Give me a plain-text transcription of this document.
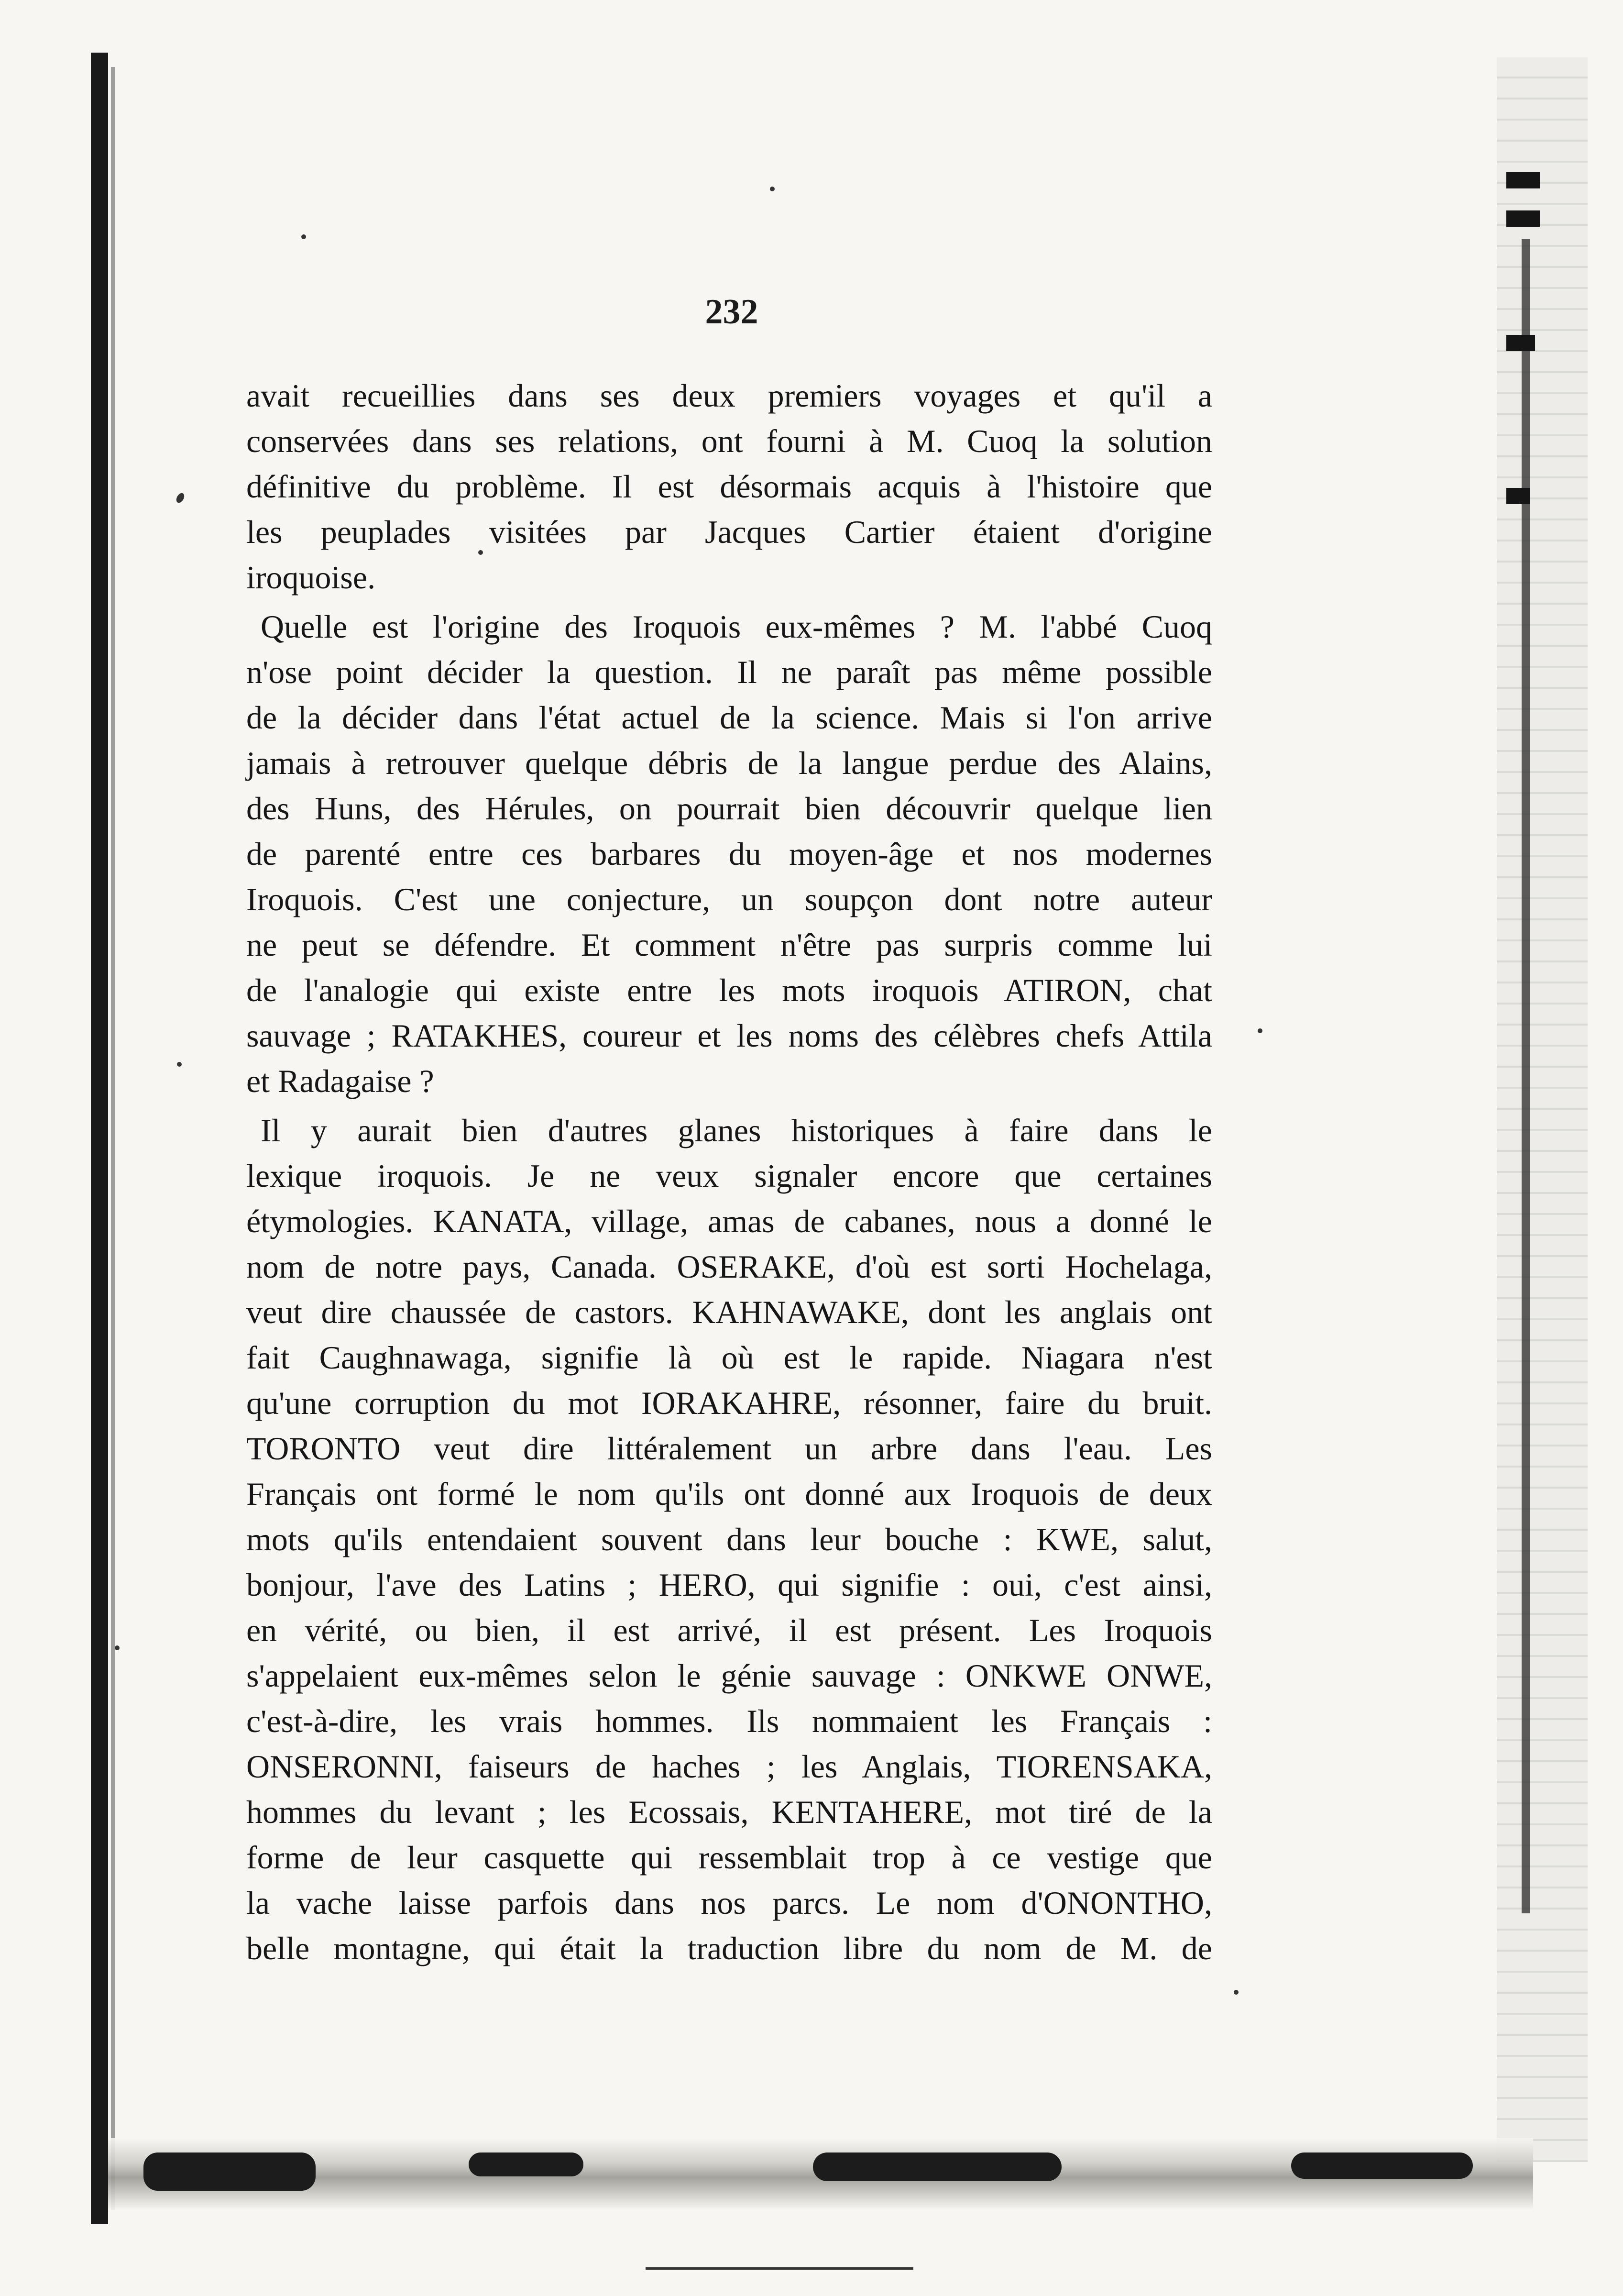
232

avait recueillies dans ses deux premiers voyages et qu'il a
conservées dans ses relations, ont fourni à M. Cuoq la solution
définitive du problème. Il est désormais acquis à l'histoire que
les peuplades visitées par Jacques Cartier étaient d'origine
iroquoise.
Quelle est l'origine des Iroquois eux-mêmes ? M. l'abbé Cuoq
n'ose point décider la question. Il ne paraît pas même possible
de la décider dans l'état actuel de la science. Mais si l'on arrive
jamais à retrouver quelque débris de la langue perdue des Alains,
des Huns, des Hérules, on pourrait bien découvrir quelque lien
de parenté entre ces barbares du moyen-âge et nos modernes
Iroquois. C'est une conjecture, un soupçon dont notre auteur
ne peut se défendre. Et comment n'être pas surpris comme lui
de l'analogie qui existe entre les mots iroquois ATIRON, chat
sauvage ; RATAKHES, coureur et les noms des célèbres chefs Attila
et Radagaise ?
Il y aurait bien d'autres glanes historiques à faire dans le
lexique iroquois. Je ne veux signaler encore que certaines
étymologies. KANATA, village, amas de cabanes, nous a donné le
nom de notre pays, Canada. OSERAKE, d'où est sorti Hochelaga,
veut dire chaussée de castors. KAHNAWAKE, dont les anglais ont
fait Caughnawaga, signifie là où est le rapide. Niagara n'est
qu'une corruption du mot IORAKAHRE, résonner, faire du bruit.
TORONTO veut dire littéralement un arbre dans l'eau. Les
Français ont formé le nom qu'ils ont donné aux Iroquois de deux
mots qu'ils entendaient souvent dans leur bouche : KWE, salut,
bonjour, l'ave des Latins ; HERO, qui signifie : oui, c'est ainsi,
en vérité, ou bien, il est arrivé, il est présent. Les Iroquois
s'appelaient eux-mêmes selon le génie sauvage : ONKWE ONWE,
c'est-à-dire, les vrais hommes. Ils nommaient les Français :
ONSERONNI, faiseurs de haches ; les Anglais, TIORENSAKA,
hommes du levant ; les Ecossais, KENTAHERE, mot tiré de la
forme de leur casquette qui ressemblait trop à ce vestige que
la vache laisse parfois dans nos parcs. Le nom d'ONONTHO,
belle montagne, qui était la traduction libre du nom de M. de
